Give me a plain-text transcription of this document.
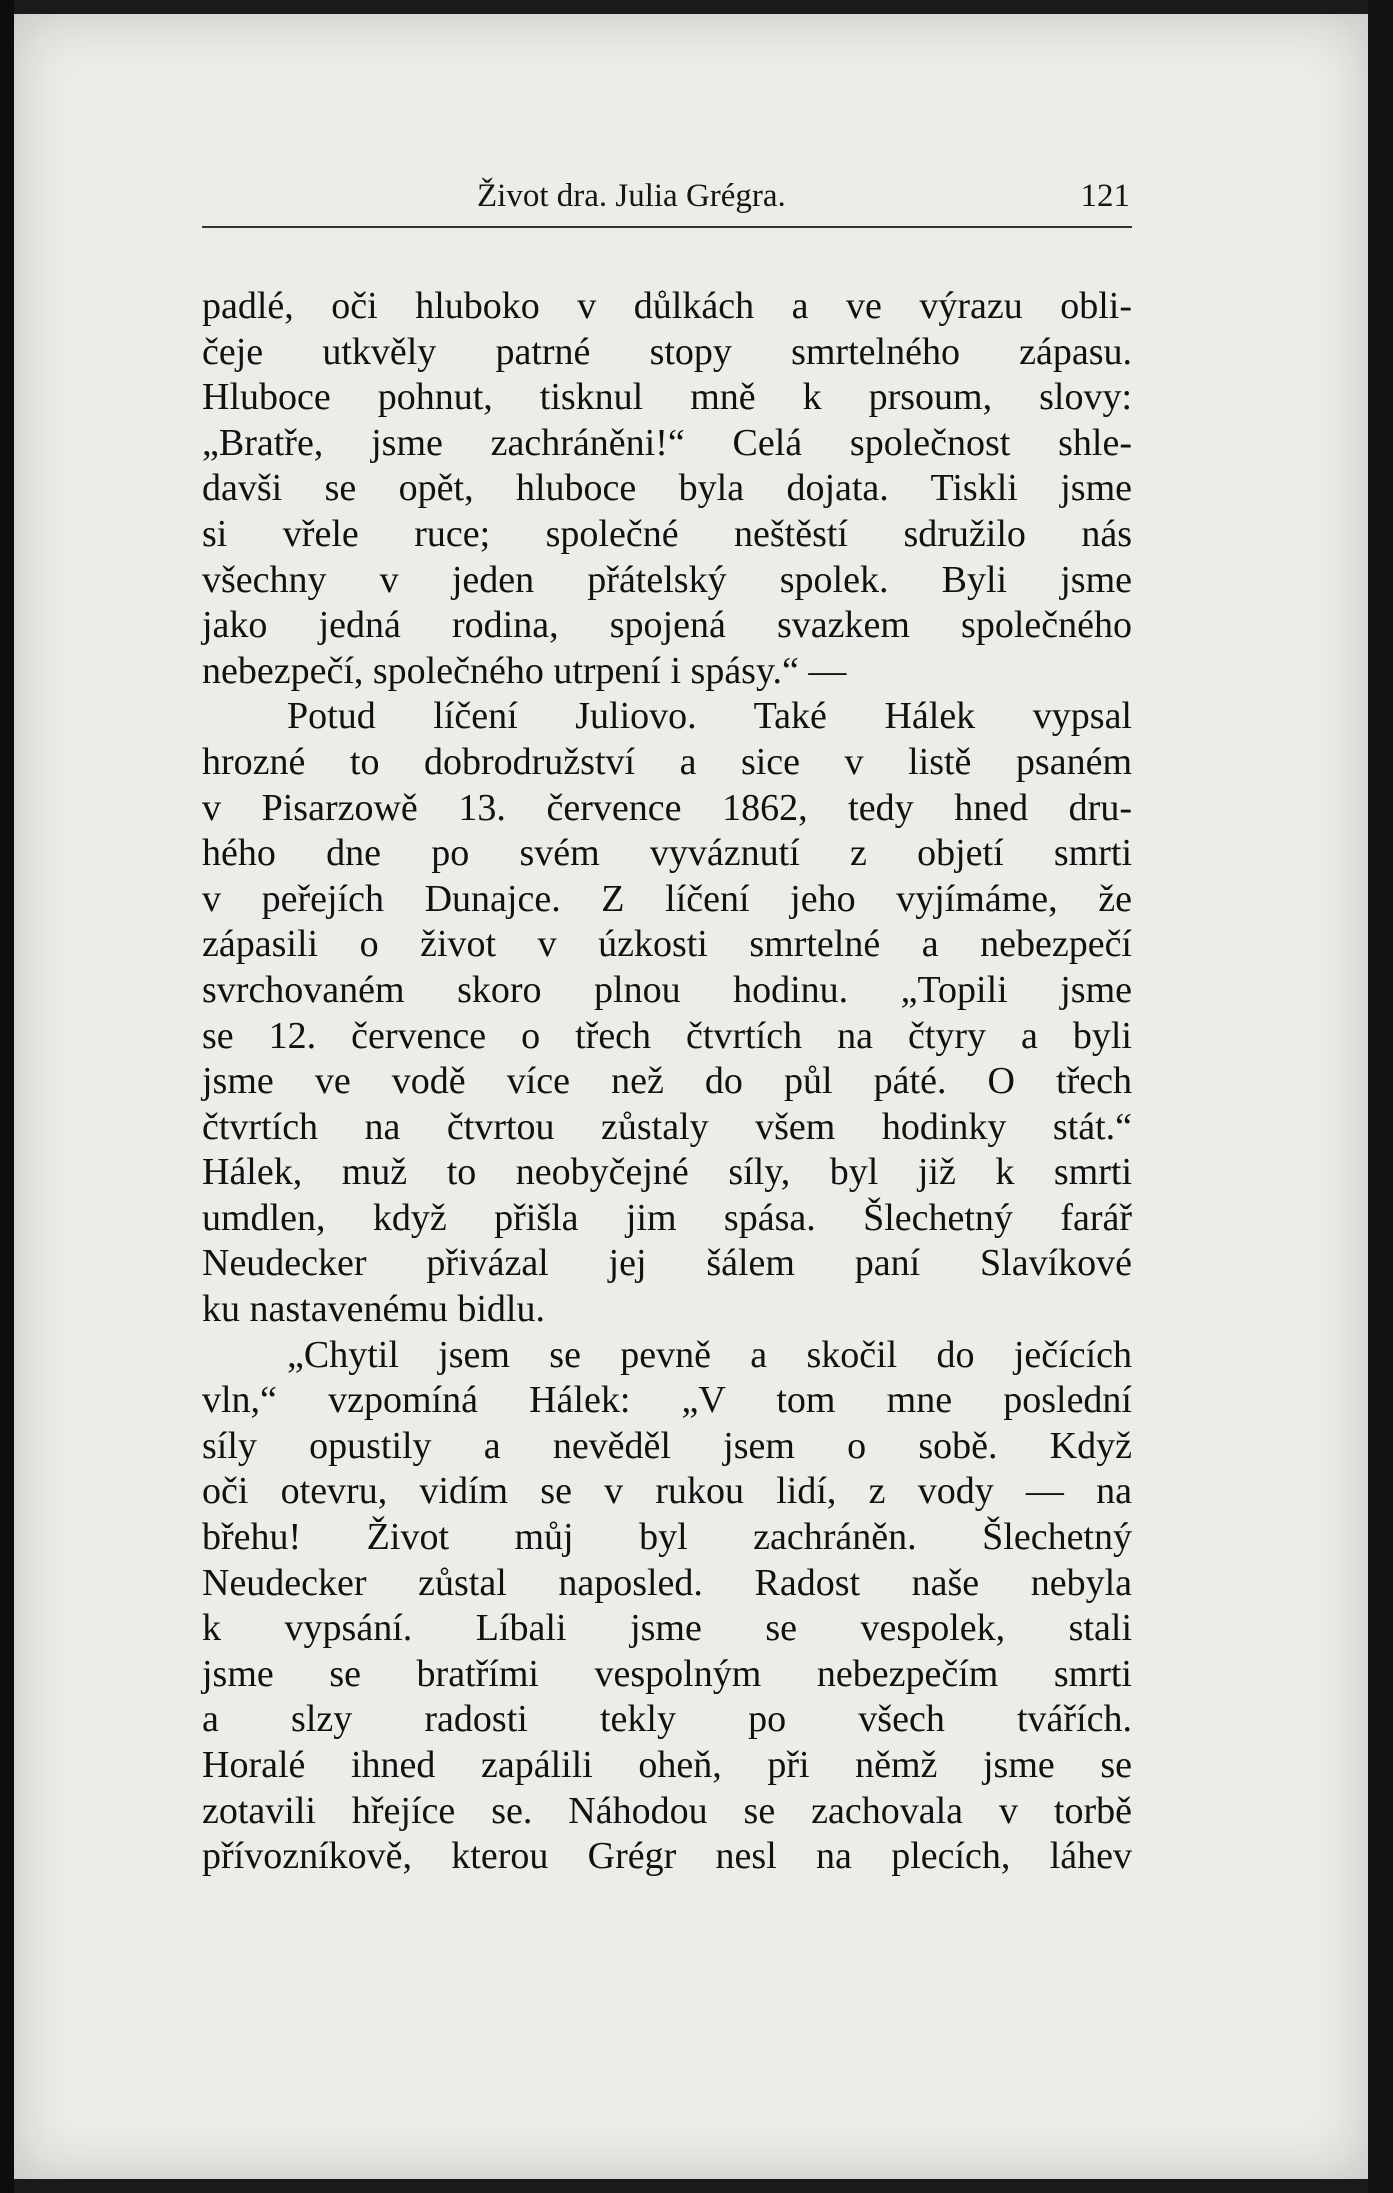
Život dra. Julia Grégra.	121
padlé, oči hluboko v důlkách a ve výrazu obli-
čeje utkvěly patrné stopy smrtelného zápasu.
Hluboce pohnut, tisknul mně k prsoum, slovy:
„Bratře, jsme zachráněni!“ Celá společnost shle-
davši se opět, hluboce byla dojata. Tiskli jsme
si vřele ruce; společné neštěstí sdružilo nás
všechny v jeden přátelský spolek. Byli jsme
jako jedná rodina, spojená svazkem společného
nebezpečí, společného utrpení i spásy.“ —
Potud líčení Juliovo. Také Hálek vypsal
hrozné to dobrodružství a sice v listě psaném
v Pisarzowě 13. července 1862, tedy hned dru-
hého dne po svém vyváznutí z objetí smrti
v peřejích Dunajce. Z líčení jeho vyjímáme, že
zápasili o život v úzkosti smrtelné a nebezpečí
svrchovaném skoro plnou hodinu. „Topili jsme
se 12. července o třech čtvrtích na čtyry a byli
jsme ve vodě více než do půl páté. O třech
čtvrtích na čtvrtou zůstaly všem hodinky stát.“
Hálek, muž to neobyčejné síly, byl již k smrti
umdlen, když přišla jim spása. Šlechetný farář
Neudecker přivázal jej šálem paní Slavíkové
ku nastavenému bidlu.
„Chytil jsem se pevně a skočil do ječících
vln,“ vzpomíná Hálek: „V tom mne poslední
síly opustily a nevěděl jsem o sobě. Když
oči otevru, vidím se v rukou lidí, z vody — na
břehu! Život můj byl zachráněn. Šlechetný
Neudecker zůstal naposled. Radost naše nebyla
k vypsání. Líbali jsme se vespolek, stali
jsme se bratřími vespolným nebezpečím smrti
a slzy radosti tekly po všech tvářích.
Horalé ihned zapálili oheň, při němž jsme se
zotavili hřejíce se. Náhodou se zachovala v torbě
přívozníkově, kterou Grégr nesl na plecích, láhev
